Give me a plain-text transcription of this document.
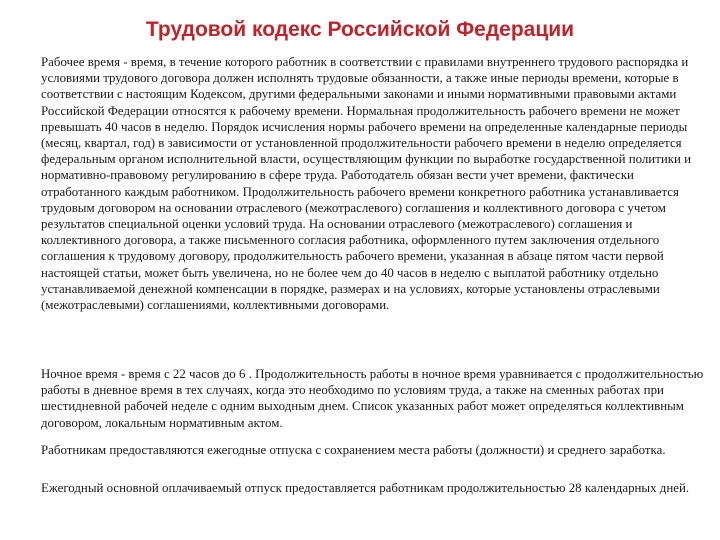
Трудовой кодекс Российской Федерации

Рабочее время - время, в течение которого работник в соответствии с правилами внутреннего трудового распорядка и условиями трудового договора должен исполнять трудовые обязанности, а также иные периоды времени, которые в соответствии с настоящим Кодексом, другими федеральными законами и иными нормативными правовыми актами Российской Федерации относятся к рабочему времени. Нормальная продолжительность рабочего времени не может превышать 40 часов в неделю. Порядок исчисления нормы рабочего времени на определенные календарные периоды (месяц, квартал, год) в зависимости от установленной продолжительности рабочего времени в неделю определяется федеральным органом исполнительной власти, осуществляющим функции по выработке государственной политики и нормативно-правовому регулированию в сфере труда. Работодатель обязан вести учет времени, фактически отработанного каждым работником. Продолжительность рабочего времени конкретного работника устанавливается трудовым договором на основании отраслевого (межотраслевого) соглашения и коллективного договора с учетом результатов специальной оценки условий труда. На основании отраслевого (межотраслевого) соглашения и коллективного договора, а также письменного согласия работника, оформленного путем заключения отдельного соглашения к трудовому договору, продолжительность рабочего времени, указанная в абзаце пятом части первой настоящей статьи, может быть увеличена, но не более чем до 40 часов в неделю с выплатой работнику отдельно устанавливаемой денежной компенсации в порядке, размерах и на условиях, которые установлены отраслевыми (межотраслевыми) соглашениями, коллективными договорами.

Ночное время - время с 22 часов до 6 . Продолжительность работы в ночное время уравнивается с продолжительностью работы в дневное время в тех случаях, когда это необходимо по условиям труда, а также на сменных работах при шестидневной рабочей неделе с одним выходным днем. Список указанных работ может определяться коллективным договором, локальным нормативным актом.

Работникам предоставляются ежегодные отпуска с сохранением места работы (должности) и среднего заработка.

Ежегодный основной оплачиваемый отпуск предоставляется работникам продолжительностью 28 календарных дней.
